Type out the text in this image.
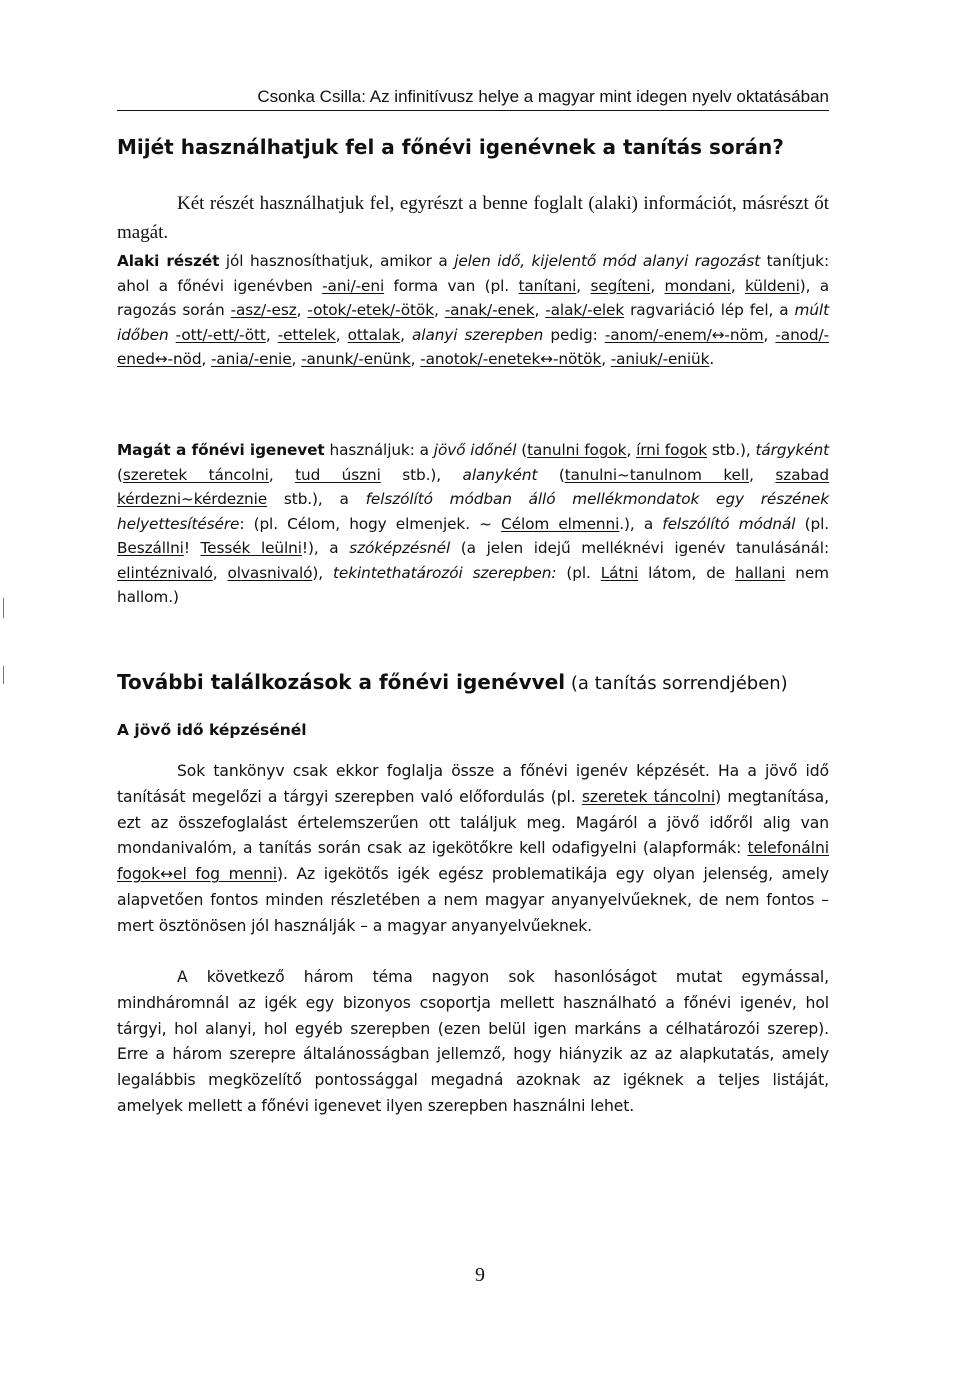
Csonka Csilla: Az infinitívusz helye a magyar mint idegen nyelv oktatásában
Mijét használhatjuk fel a főnévi igenévnek a tanítás során?

Két részét használhatjuk fel, egyrészt a benne foglalt (alaki) információt, másrészt őt magát.

Alaki részét jól hasznosíthatjuk, amikor a jelen idő, kijelentő mód alanyi ragozást tanítjuk: ahol a főnévi igenévben -ani/-eni forma van (pl. tanítani, segíteni, mondani, küldeni), a ragozás során -asz/-esz, -otok/-etek/-ötök, -anak/-enek, -alak/-elek ragvariáció lép fel, a múlt időben -ott/-ett/-ött, -ettelek, ottalak, alanyi szerepben pedig: -anom/-enem/↔-nöm, -anod/-ened↔-nöd, -ania/-enie, -anunk/-enünk, -anotok/-enetek↔-nötök, -aniuk/-eniük.

Magát a főnévi igenevet használjuk: a jövő időnél (tanulni fogok, írni fogok stb.), tárgyként (szeretek táncolni, tud úszni stb.), alanyként (tanulni~tanulnom kell, szabad kérdezni~kérdeznie stb.), a felszólító módban álló mellékmondatok egy részének helyettesítésére: (pl. Célom, hogy elmenjek. ~ Célom elmenni.), a felszólító módnál (pl. Beszállni! Tessék leülni!), a szóképzésnél (a jelen idejű melléknévi igenév tanulásánál: elintéznivaló, olvasnivaló), tekintethatározói szerepben: (pl. Látni látom, de hallani nem hallom.)

További találkozások a főnévi igenévvel (a tanítás sorrendjében)
A jövő idő képzésénél

Sok tankönyv csak ekkor foglalja össze a főnévi igenév képzését. Ha a jövő idő tanítását megelőzi a tárgyi szerepben való előfordulás (pl. szeretek táncolni) megtanítása, ezt az összefoglalást értelemszerűen ott találjuk meg. Magáról a jövő időről alig van mondanivalóm, a tanítás során csak az igekötőkre kell odafigyelni (alapformák: telefonálni fogok↔el fog menni). Az igekötős igék egész problematikája egy olyan jelenség, amely alapvetően fontos minden részletében a nem magyar anyanyelvűeknek, de nem fontos – mert ösztönösen jól használják – a magyar anyanyelvűeknek.

A következő három téma nagyon sok hasonlóságot mutat egymással, mindháromnál az igék egy bizonyos csoportja mellett használható a főnévi igenév, hol tárgyi, hol alanyi, hol egyéb szerepben (ezen belül igen markáns a célhatározói szerep). Erre a három szerepre általánosságban jellemző, hogy hiányzik az az alapkutatás, amely legalábbis megközelítő pontossággal megadná azoknak az igéknek a teljes listáját, amelyek mellett a főnévi igenevet ilyen szerepben használni lehet.

9
